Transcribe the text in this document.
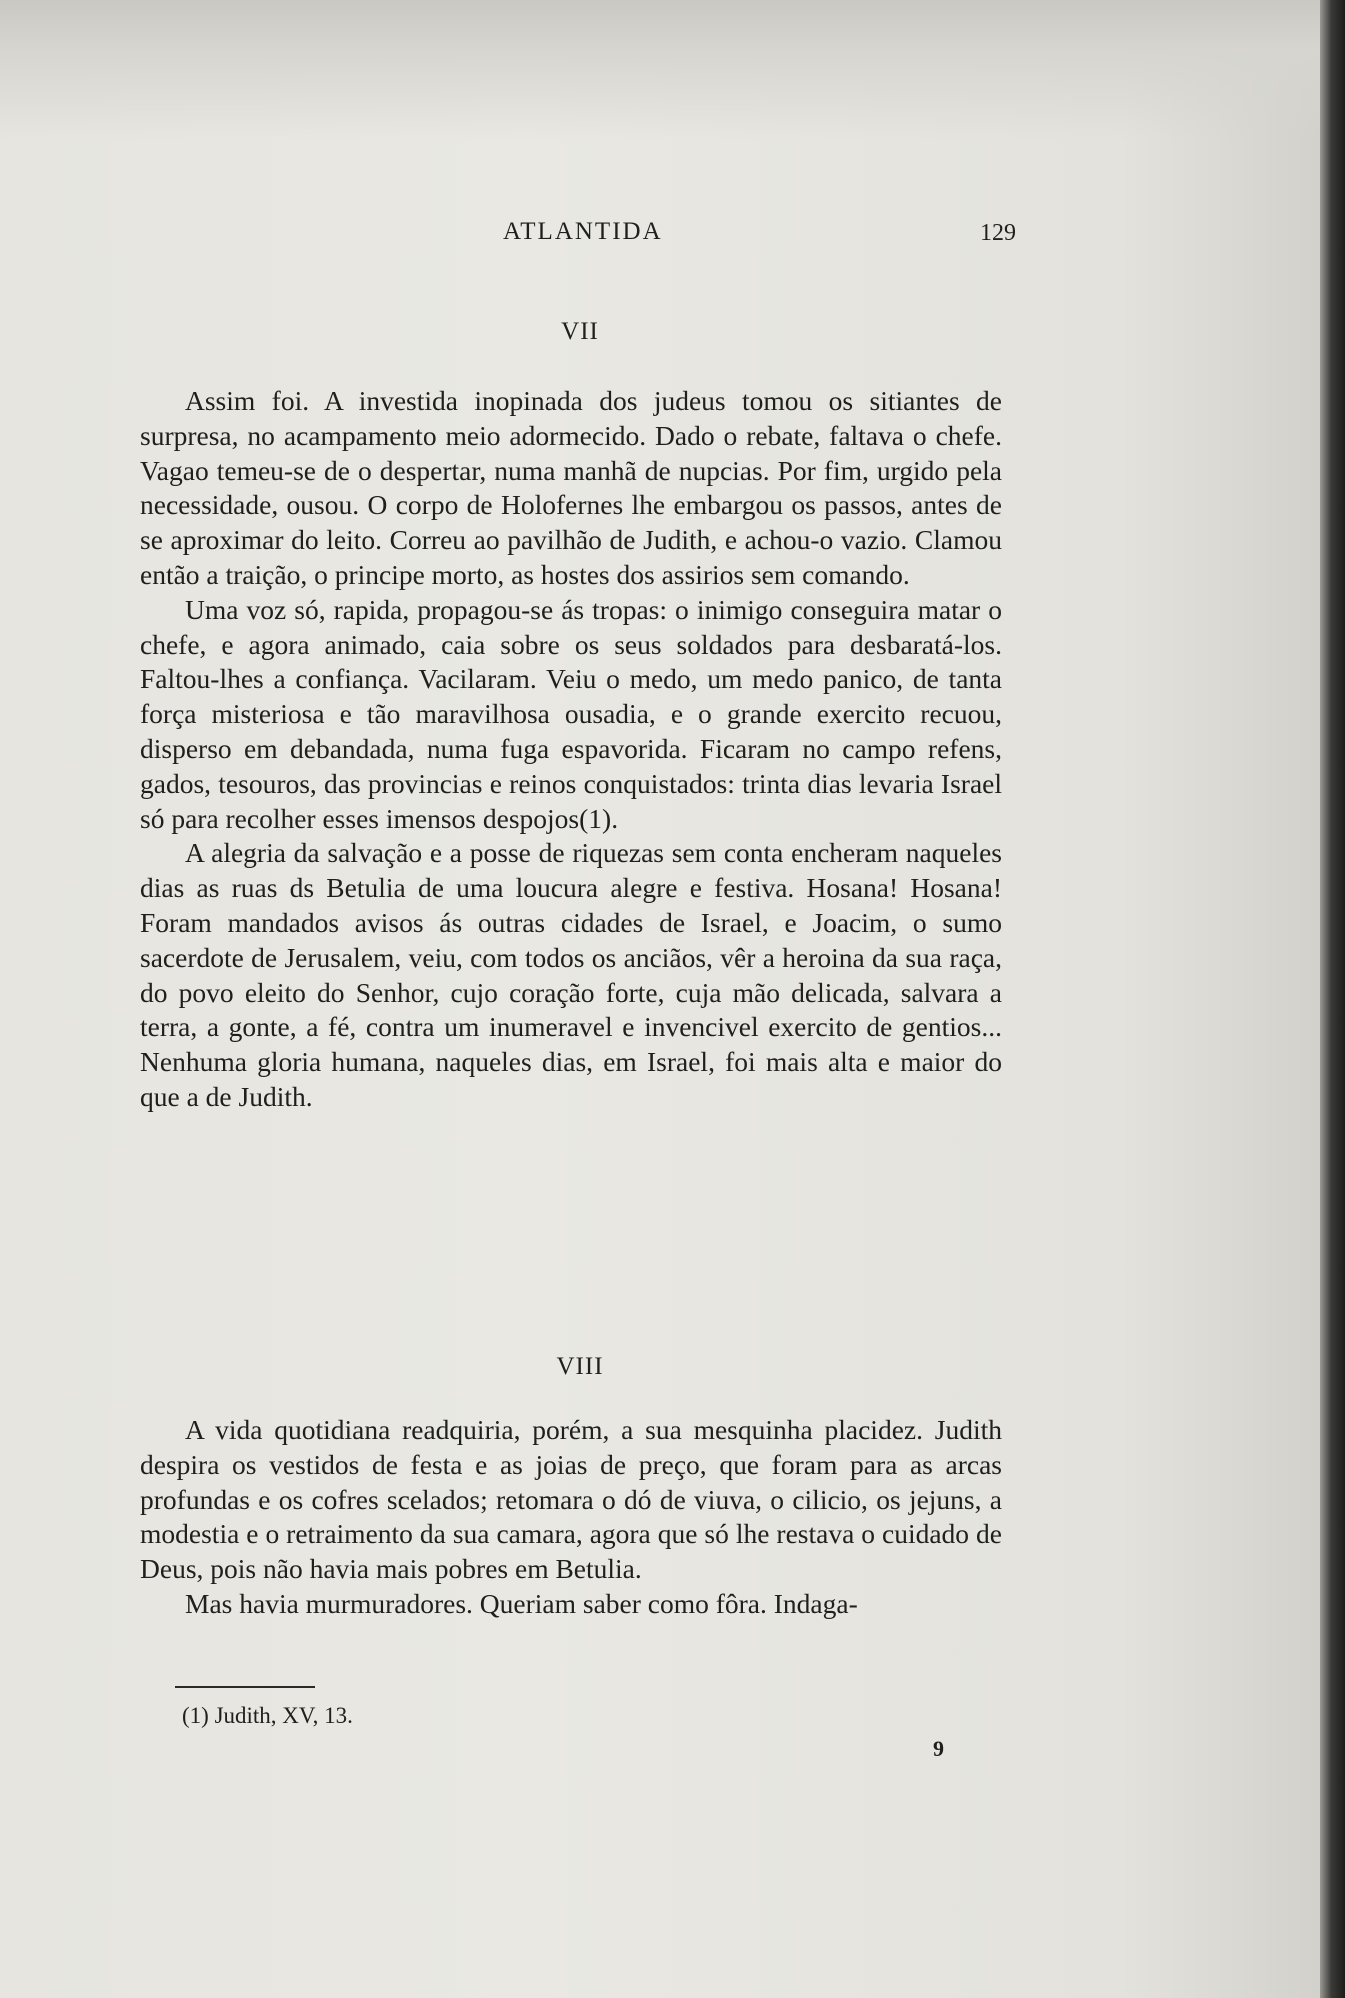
ATLANTIDA	129
VII

Assim foi. A investida inopinada dos judeus tomou os sitiantes de surpresa, no acampamento meio adormecido. Dado o rebate, faltava o chefe. Vagao temeu-se de o despertar, numa manhã de nupcias. Por fim, urgido pela necessidade, ousou. O corpo de Holofernes lhe embargou os passos, antes de se aproximar do leito. Correu ao pavilhão de Judith, e achou-o vazio. Clamou então a traição, o principe morto, as hostes dos assirios sem comando.

Uma voz só, rapida, propagou-se ás tropas: o inimigo conseguira matar o chefe, e agora animado, caia sobre os seus soldados para desbaratá-los. Faltou-lhes a confiança. Vacilaram. Veiu o medo, um medo panico, de tanta força misteriosa e tão maravilhosa ousadia, e o grande exercito recuou, disperso em debandada, numa fuga espavorida. Ficaram no campo refens, gados, tesouros, das provincias e reinos conquistados: trinta dias levaria Israel só para recolher esses imensos despojos(1).

A alegria da salvação e a posse de riquezas sem conta encheram naqueles dias as ruas ds Betulia de uma loucura alegre e festiva. Hosana! Hosana! Foram mandados avisos ás outras cidades de Israel, e Joacim, o sumo sacerdote de Jerusalem, veiu, com todos os anciãos, vêr a heroina da sua raça, do povo eleito do Senhor, cujo coração forte, cuja mão delicada, salvara a terra, a gonte, a fé, contra um inumeravel e invencivel exercito de gentios... Nenhuma gloria humana, naqueles dias, em Israel, foi mais alta e maior do que a de Judith.

VIII

A vida quotidiana readquiria, porém, a sua mesquinha placidez. Judith despira os vestidos de festa e as joias de preço, que foram para as arcas profundas e os cofres scelados; retomara o dó de viuva, o cilicio, os jejuns, a modestia e o retraimento da sua camara, agora que só lhe restava o cuidado de Deus, pois não havia mais pobres em Betulia.

Mas havia murmuradores. Queriam saber como fôra. Indaga-

(1) Judith, XV, 13.
9
